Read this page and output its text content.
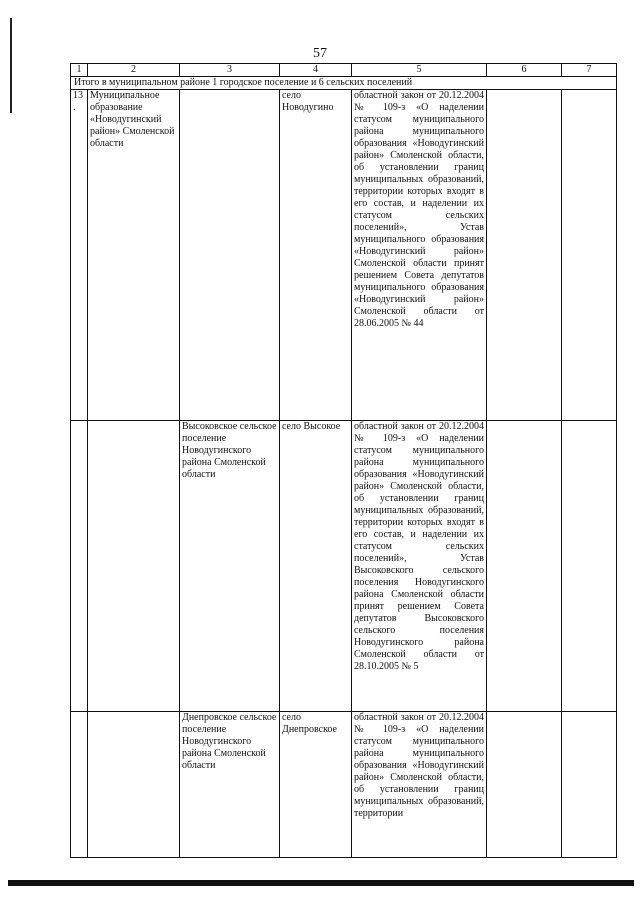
57
1	2	3	4	5	6	7
Итого в муниципальном районе 1 городское поселение и 6 сельских поселений						
13.	Муниципальное образование «Новодугинский район» Смоленской области		село Новодугино	областной закон от 20.12.2004 № 109-з «О наделении статусом муниципального района муниципального образования «Новодугинский район» Смоленской области, об установлении границ муниципальных образований, территории которых входят в его состав, и наделении их статусом сельских поселений», Устав муниципального образования «Новодугинский район» Смоленской области принят решением Совета депутатов муниципального образования «Новодугинский район» Смоленской области от 28.06.2005 № 44		
		Высоковское сельское поселение Новодугинского района Смоленской области	село Высокое	областной закон от 20.12.2004 № 109-з «О наделении статусом муниципального района муниципального образования «Новодугинский район» Смоленской области, об установлении границ муниципальных образований, территории которых входят в его состав, и наделении их статусом сельских поселений», Устав Высоковского сельского поселения Новодугинского района Смоленской области принят решением Совета депутатов Высоковского сельского поселения Новодугинского района Смоленской области от 28.10.2005 № 5		
		Днепровское сельское поселение Новодугинского района Смоленской области	село Днепровское	областной закон от 20.12.2004 № 109-з «О наделении статусом муниципального района муниципального образования «Новодугинский район» Смоленской области, об установлении границ муниципальных образований, территории		
